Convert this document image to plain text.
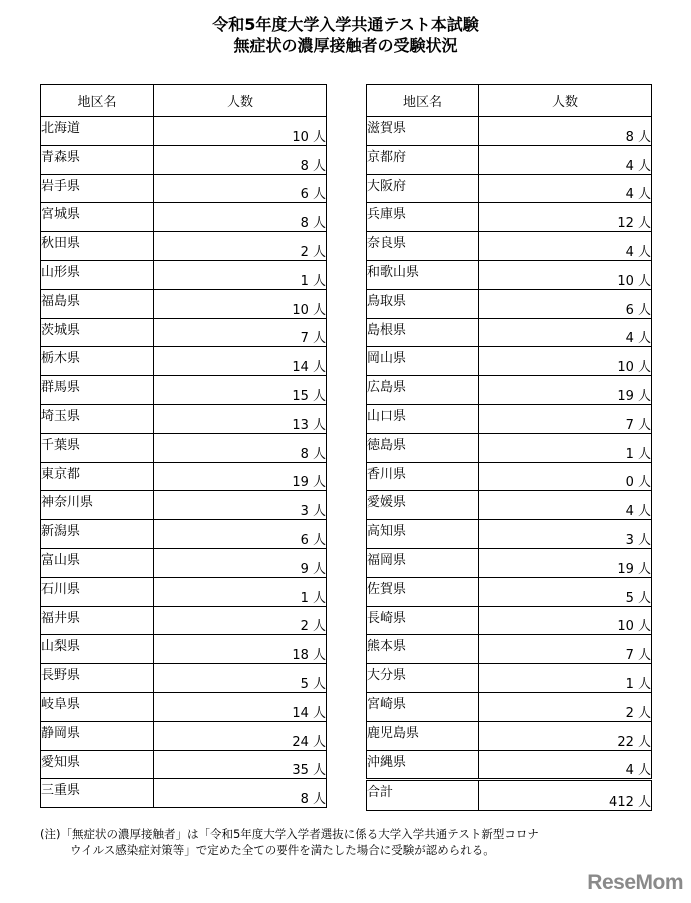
令和5年度大学入学共通テスト本試験
無症状の濃厚接触者の受験状況
地区名	人数
北海道	10 人
青森県	8 人
岩手県	6 人
宮城県	8 人
秋田県	2 人
山形県	1 人
福島県	10 人
茨城県	7 人
栃木県	14 人
群馬県	15 人
埼玉県	13 人
千葉県	8 人
東京都	19 人
神奈川県	3 人
新潟県	6 人
富山県	9 人
石川県	1 人
福井県	2 人
山梨県	18 人
長野県	5 人
岐阜県	14 人
静岡県	24 人
愛知県	35 人
三重県	8 人
地区名	人数
滋賀県	8 人
京都府	4 人
大阪府	4 人
兵庫県	12 人
奈良県	4 人
和歌山県	10 人
鳥取県	6 人
島根県	4 人
岡山県	10 人
広島県	19 人
山口県	7 人
徳島県	1 人
香川県	0 人
愛媛県	4 人
高知県	3 人
福岡県	19 人
佐賀県	5 人
長崎県	10 人
熊本県	7 人
大分県	1 人
宮崎県	2 人
鹿児島県	22 人
沖縄県	4 人
合計	412 人
(注)「無症状の濃厚接触者」は「令和5年度大学入学者選抜に係る大学入学共通テスト新型コロナ
ウイルス感染症対策等」で定めた全ての要件を満たした場合に受験が認められる。
ReseMom
